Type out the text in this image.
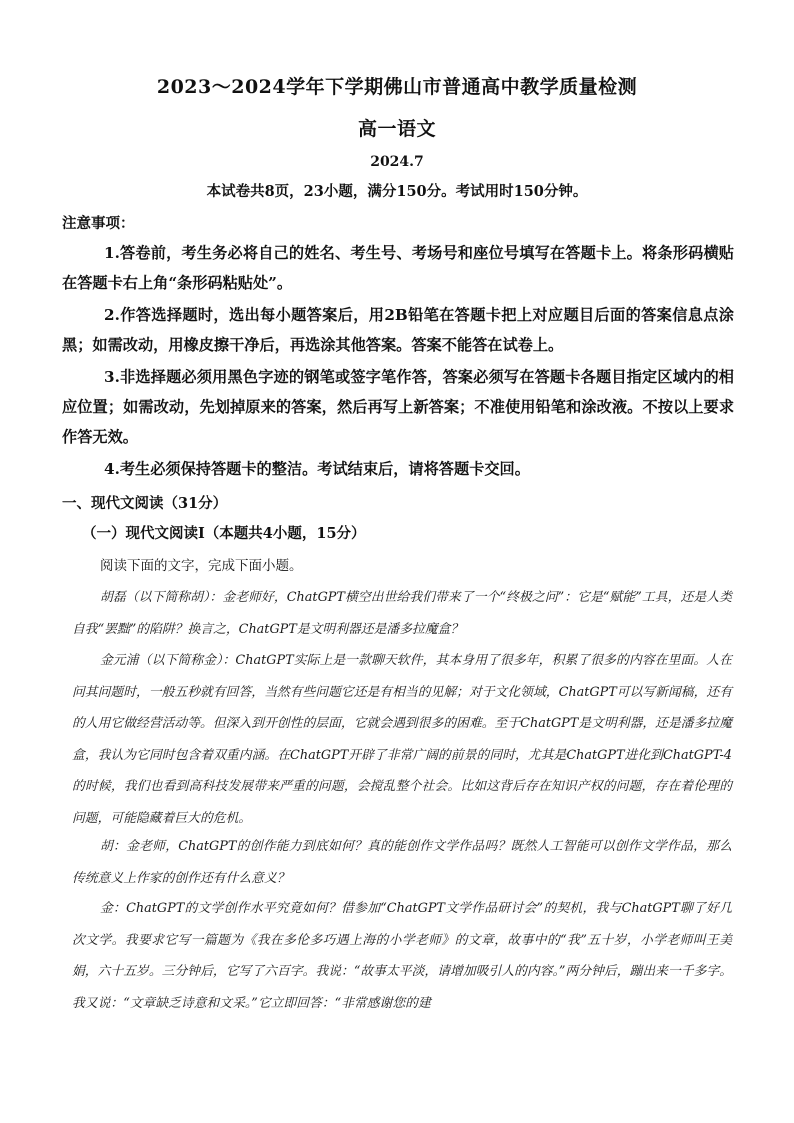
2023～2024学年下学期佛山市普通高中教学质量检测
高一语文
2024.7
本试卷共8页，23小题，满分150分。考试用时150分钟。
注意事项：
1.答卷前，考生务必将自己的姓名、考生号、考场号和座位号填写在答题卡上。将条形码横贴在答题卡右上角“条形码粘贴处”。
2.作答选择题时，选出每小题答案后，用2B铅笔在答题卡把上对应题目后面的答案信息点涂黑；如需改动，用橡皮擦干净后，再选涂其他答案。答案不能答在试卷上。
3.非选择题必须用黑色字迹的钢笔或签字笔作答，答案必须写在答题卡各题目指定区域内的相应位置；如需改动，先划掉原来的答案，然后再写上新答案；不准使用铅笔和涂改液。不按以上要求作答无效。
4.考生必须保持答题卡的整洁。考试结束后，请将答题卡交回。
一、现代文阅读（31分）
（一）现代文阅读Ⅰ（本题共4小题，15分）
阅读下面的文字，完成下面小题。
胡磊（以下简称胡）：金老师好，ChatGPT横空出世给我们带来了一个“终极之问”：它是“赋能”工具，还是人类自我“罢黜”的陷阱？换言之，ChatGPT是文明利器还是潘多拉魔盒？
金元浦（以下简称金）：ChatGPT实际上是一款聊天软件，其本身用了很多年，积累了很多的内容在里面。人在问其问题时，一般五秒就有回答，当然有些问题它还是有相当的见解；对于文化领域，ChatGPT可以写新闻稿，还有的人用它做经营活动等。但深入到开创性的层面，它就会遇到很多的困难。至于ChatGPT是文明利器，还是潘多拉魔盒，我认为它同时包含着双重内涵。在ChatGPT开辟了非常广阔的前景的同时，尤其是ChatGPT进化到ChatGPT-4的时候，我们也看到高科技发展带来严重的问题，会搅乱整个社会。比如这背后存在知识产权的问题，存在着伦理的问题，可能隐藏着巨大的危机。
胡：金老师，ChatGPT的创作能力到底如何？真的能创作文学作品吗？既然人工智能可以创作文学作品，那么传统意义上作家的创作还有什么意义？
金：ChatGPT的文学创作水平究竟如何？借参加“ChatGPT文学作品研讨会”的契机，我与ChatGPT聊了好几次文学。我要求它写一篇题为《我在多伦多巧遇上海的小学老师》的文章，故事中的“我”五十岁，小学老师叫王美娟，六十五岁。三分钟后，它写了六百字。我说：“故事太平淡，请增加吸引人的内容。”两分钟后，蹦出来一千多字。我又说：“文章缺乏诗意和文采。”它立即回答：“非常感谢您的建
